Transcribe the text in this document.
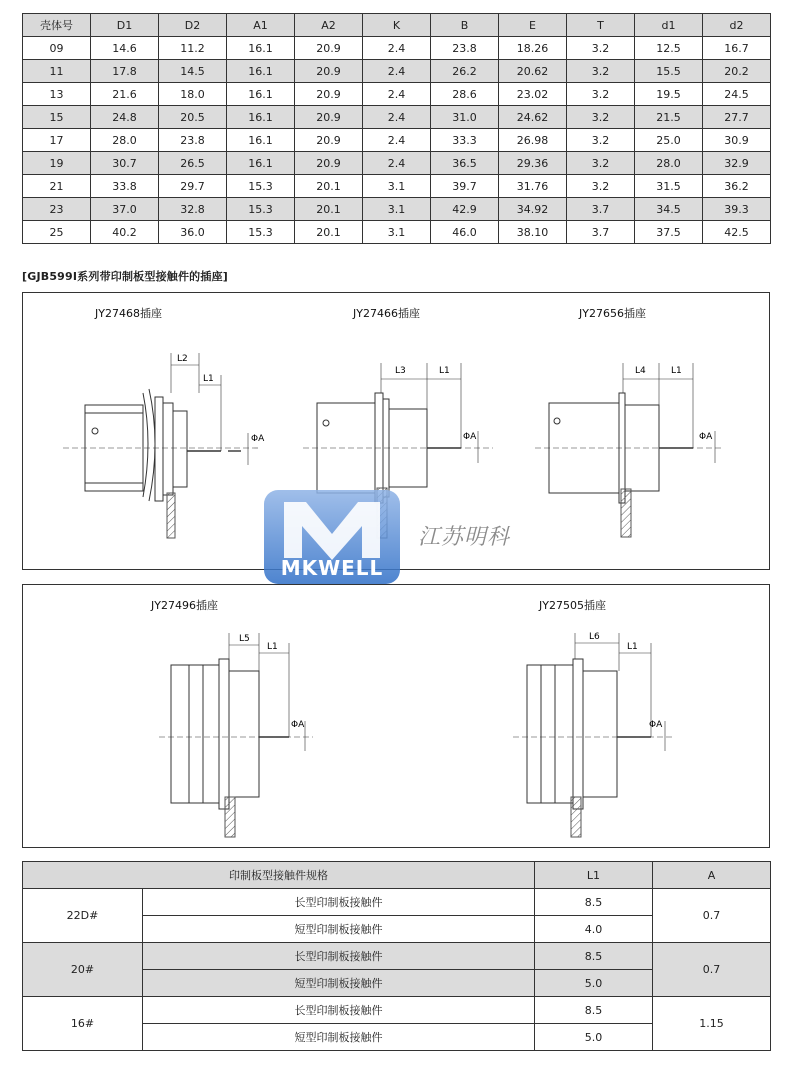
壳体号	D1	D2	A1	A2	K	B	E	T	d1	d2
09	14.6	11.2	16.1	20.9	2.4	23.8	18.26	3.2	12.5	16.7
11	17.8	14.5	16.1	20.9	2.4	26.2	20.62	3.2	15.5	20.2
13	21.6	18.0	16.1	20.9	2.4	28.6	23.02	3.2	19.5	24.5
15	24.8	20.5	16.1	20.9	2.4	31.0	24.62	3.2	21.5	27.7
17	28.0	23.8	16.1	20.9	2.4	33.3	26.98	3.2	25.0	30.9
19	30.7	26.5	16.1	20.9	2.4	36.5	29.36	3.2	28.0	32.9
21	33.8	29.7	15.3	20.1	3.1	39.7	31.76	3.2	31.5	36.2
23	37.0	32.8	15.3	20.1	3.1	42.9	34.92	3.7	34.5	39.3
25	40.2	36.0	15.3	20.1	3.1	46.0	38.10	3.7	37.5	42.5
[GJB599Ⅰ系列带印制板型接触件的插座]
JY27468插座	JY27466插座	JY27656插座
L2
L1
ΦA
L3	L1
ΦA
L4	L1
ΦA
MKWELL
江苏明科
JY27496插座	JY27505插座
L5
L1
ΦA
L6
L1
ΦA
印制板型接触件规格		L1	A
22D#	长型印制板接触件	8.5	0.7
	短型印制板接触件	4.0	
20#	长型印制板接触件	8.5	0.7
	短型印制板接触件	5.0	
16#	长型印制板接触件	8.5	1.15
	短型印制板接触件	5.0	
